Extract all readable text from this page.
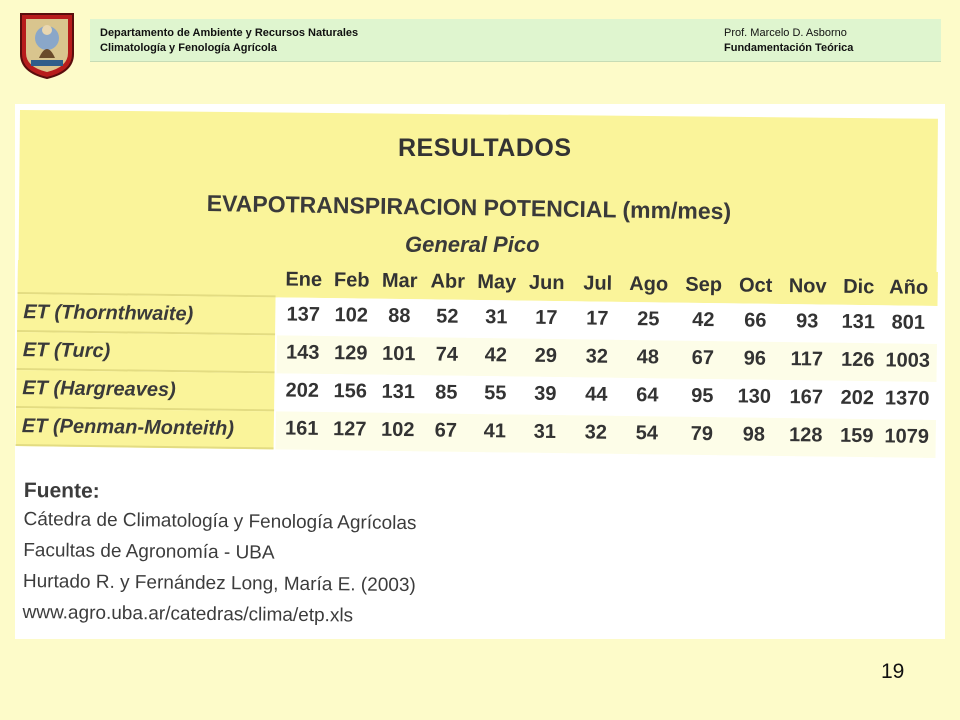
Departamento de Ambiente y Recursos Naturales
Climatología y Fenología Agrícola
Prof. Marcelo D. Asborno
Fundamentación Teórica
RESULTADOS
EVAPOTRANSPIRACION POTENCIAL (mm/mes)
General Pico
Ene Feb Mar Abr May Jun Jul Ago Sep Oct Nov Dic Año
ET (Thornthwaite)	137 102 88	52	31	17	17	25	42	66	93	131 801
ET (Turc)	143 129 101 74	42	29	32	48	67	96	117 126 1003
ET (Hargreaves)	202 156 131 85	55	39	44	64	95	130 167 202 1370
ET (Penman-Monteith)	161 127 102 67	41	31	32	54	79	98	128 159 1079
Fuente:
Cátedra de Climatología y Fenología Agrícolas
Facultas de Agronomía - UBA
Hurtado R. y Fernández Long, María E. (2003)
www.agro.uba.ar/catedras/clima/etp.xls
19
